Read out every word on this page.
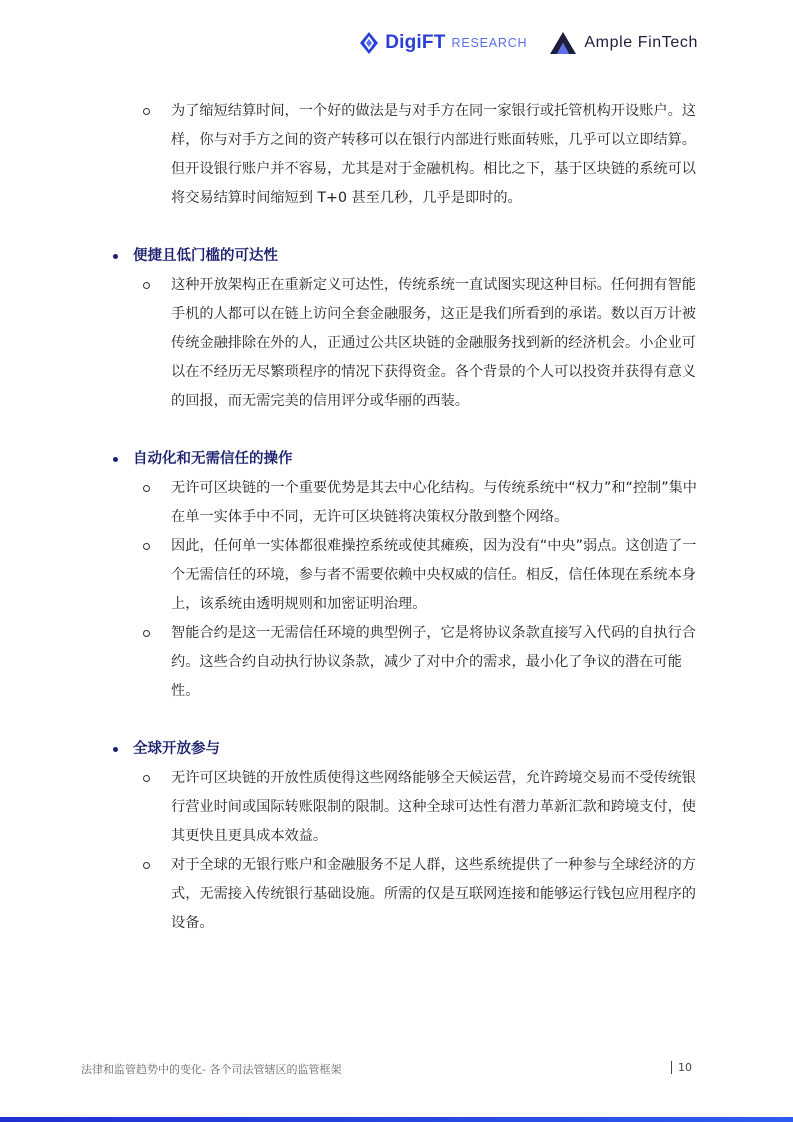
DigiFT RESEARCH	Ample FinTech

为了缩短结算时间，一个好的做法是与对手方在同一家银行或托管机构开设账户。这样，你与对手方之间的资产转移可以在银行内部进行账面转账，几乎可以立即结算。但开设银行账户并不容易，尤其是对于金融机构。相比之下，基于区块链的系统可以将交易结算时间缩短到 T+0 甚至几秒，几乎是即时的。

便捷且低门槛的可达性

这种开放架构正在重新定义可达性，传统系统一直试图实现这种目标。任何拥有智能手机的人都可以在链上访问全套金融服务，这正是我们所看到的承诺。数以百万计被传统金融排除在外的人，正通过公共区块链的金融服务找到新的经济机会。小企业可以在不经历无尽繁琐程序的情况下获得资金。各个背景的个人可以投资并获得有意义的回报，而无需完美的信用评分或华丽的西装。

自动化和无需信任的操作

无许可区块链的一个重要优势是其去中心化结构。与传统系统中“权力”和“控制”集中在单一实体手中不同，无许可区块链将决策权分散到整个网络。

因此，任何单一实体都很难操控系统或使其瘫痪，因为没有“中央”弱点。这创造了一个无需信任的环境，参与者不需要依赖中央权威的信任。相反，信任体现在系统本身上，该系统由透明规则和加密证明治理。

智能合约是这一无需信任环境的典型例子，它是将协议条款直接写入代码的自执行合约。这些合约自动执行协议条款，减少了对中介的需求，最小化了争议的潜在可能性。

全球开放参与

无许可区块链的开放性质使得这些网络能够全天候运营，允许跨境交易而不受传统银行营业时间或国际转账限制的限制。这种全球可达性有潜力革新汇款和跨境支付，使其更快且更具成本效益。

对于全球的无银行账户和金融服务不足人群，这些系统提供了一种参与全球经济的方式，无需接入传统银行基础设施。所需的仅是互联网连接和能够运行钱包应用程序的设备。

法律和监管趋势中的变化- 各个司法管辖区的监管框架	10
